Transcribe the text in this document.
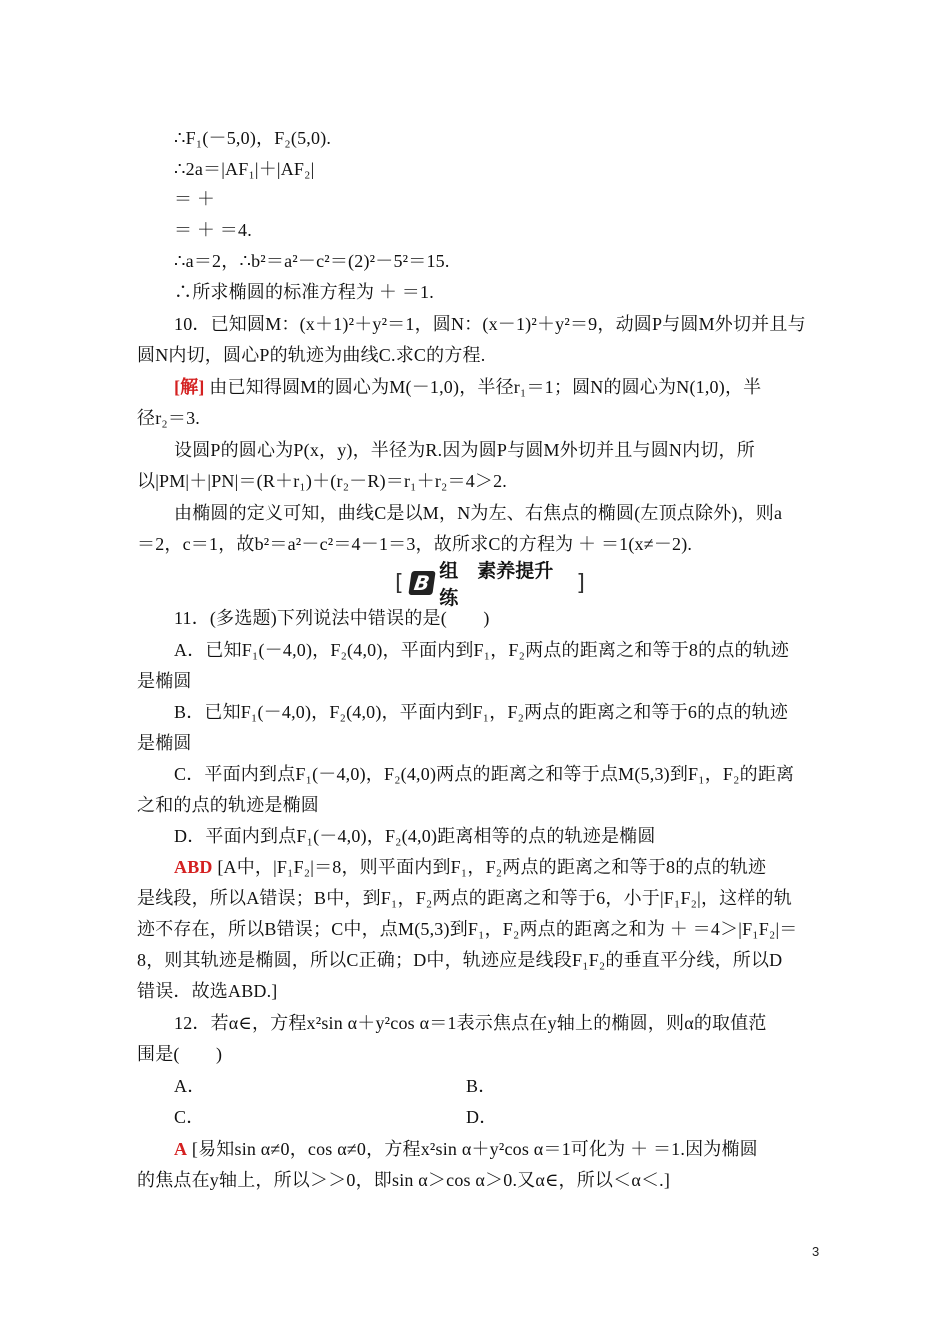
∴F₁(－5,0)，F₂(5,0).
∴2a＝|AF₁|＋|AF₂|
＝ ＋
＝ ＋ ＝4.
∴a＝2，∴b²＝a²－c²＝(2)²－5²＝15.
∴所求椭圆的标准方程为 ＋ ＝1.
10．已知圆M：(x＋1)²＋y²＝1，圆N：(x－1)²＋y²＝9，动圆P与圆M外切并且与
圆N内切，圆心P的轨迹为曲线C.求C的方程.
[解] 由已知得圆M的圆心为M(－1,0)，半径r₁＝1；圆N的圆心为N(1,0)，半
径r₂＝3.
设圆P的圆心为P(x，y)，半径为R.因为圆P与圆M外切并且与圆N内切，所
以|PM|＋|PN|＝(R＋r₁)＋(r₂－R)＝r₁＋r₂＝4＞2.
由椭圆的定义可知，曲线C是以M，N为左、右焦点的椭圆(左顶点除外)，则a
＝2，c＝1，故b²＝a²－c²＝4－1＝3，故所求C的方程为 ＋ ＝1(x≠－2).
11．(多选题)下列说法中错误的是(　　)
A．已知F₁(－4,0)，F₂(4,0)，平面内到F₁，F₂两点的距离之和等于8的点的轨迹
是椭圆
B．已知F₁(－4,0)，F₂(4,0)，平面内到F₁，F₂两点的距离之和等于6的点的轨迹
是椭圆
C．平面内到点F₁(－4,0)，F₂(4,0)两点的距离之和等于点M(5,3)到F₁，F₂的距离
之和的点的轨迹是椭圆
D．平面内到点F₁(－4,0)，F₂(4,0)距离相等的点的轨迹是椭圆
ABD [A中，|F₁F₂|＝8，则平面内到F₁，F₂两点的距离之和等于8的点的轨迹
是线段，所以A错误；B中，到F₁，F₂两点的距离之和等于6，小于|F₁F₂|，这样的轨
迹不存在，所以B错误；C中，点M(5,3)到F₁，F₂两点的距离之和为 ＋ ＝4＞|F₁F₂|＝
8，则其轨迹是椭圆，所以C正确；D中，轨迹应是线段F₁F₂的垂直平分线，所以D
错误．故选ABD.]
12．若α∈，方程x²sin α＋y²cos α＝1表示焦点在y轴上的椭圆，则α的取值范
围是(　　)
A．	B．
C．	D．
A [易知sin α≠0，cos α≠0，方程x²sin α＋y²cos α＝1可化为 ＋ ＝1.因为椭圆
的焦点在y轴上，所以＞＞0，即sin α＞cos α＞0.又α∈，所以＜α＜.]
[ B 组　素养提升练
]
3
